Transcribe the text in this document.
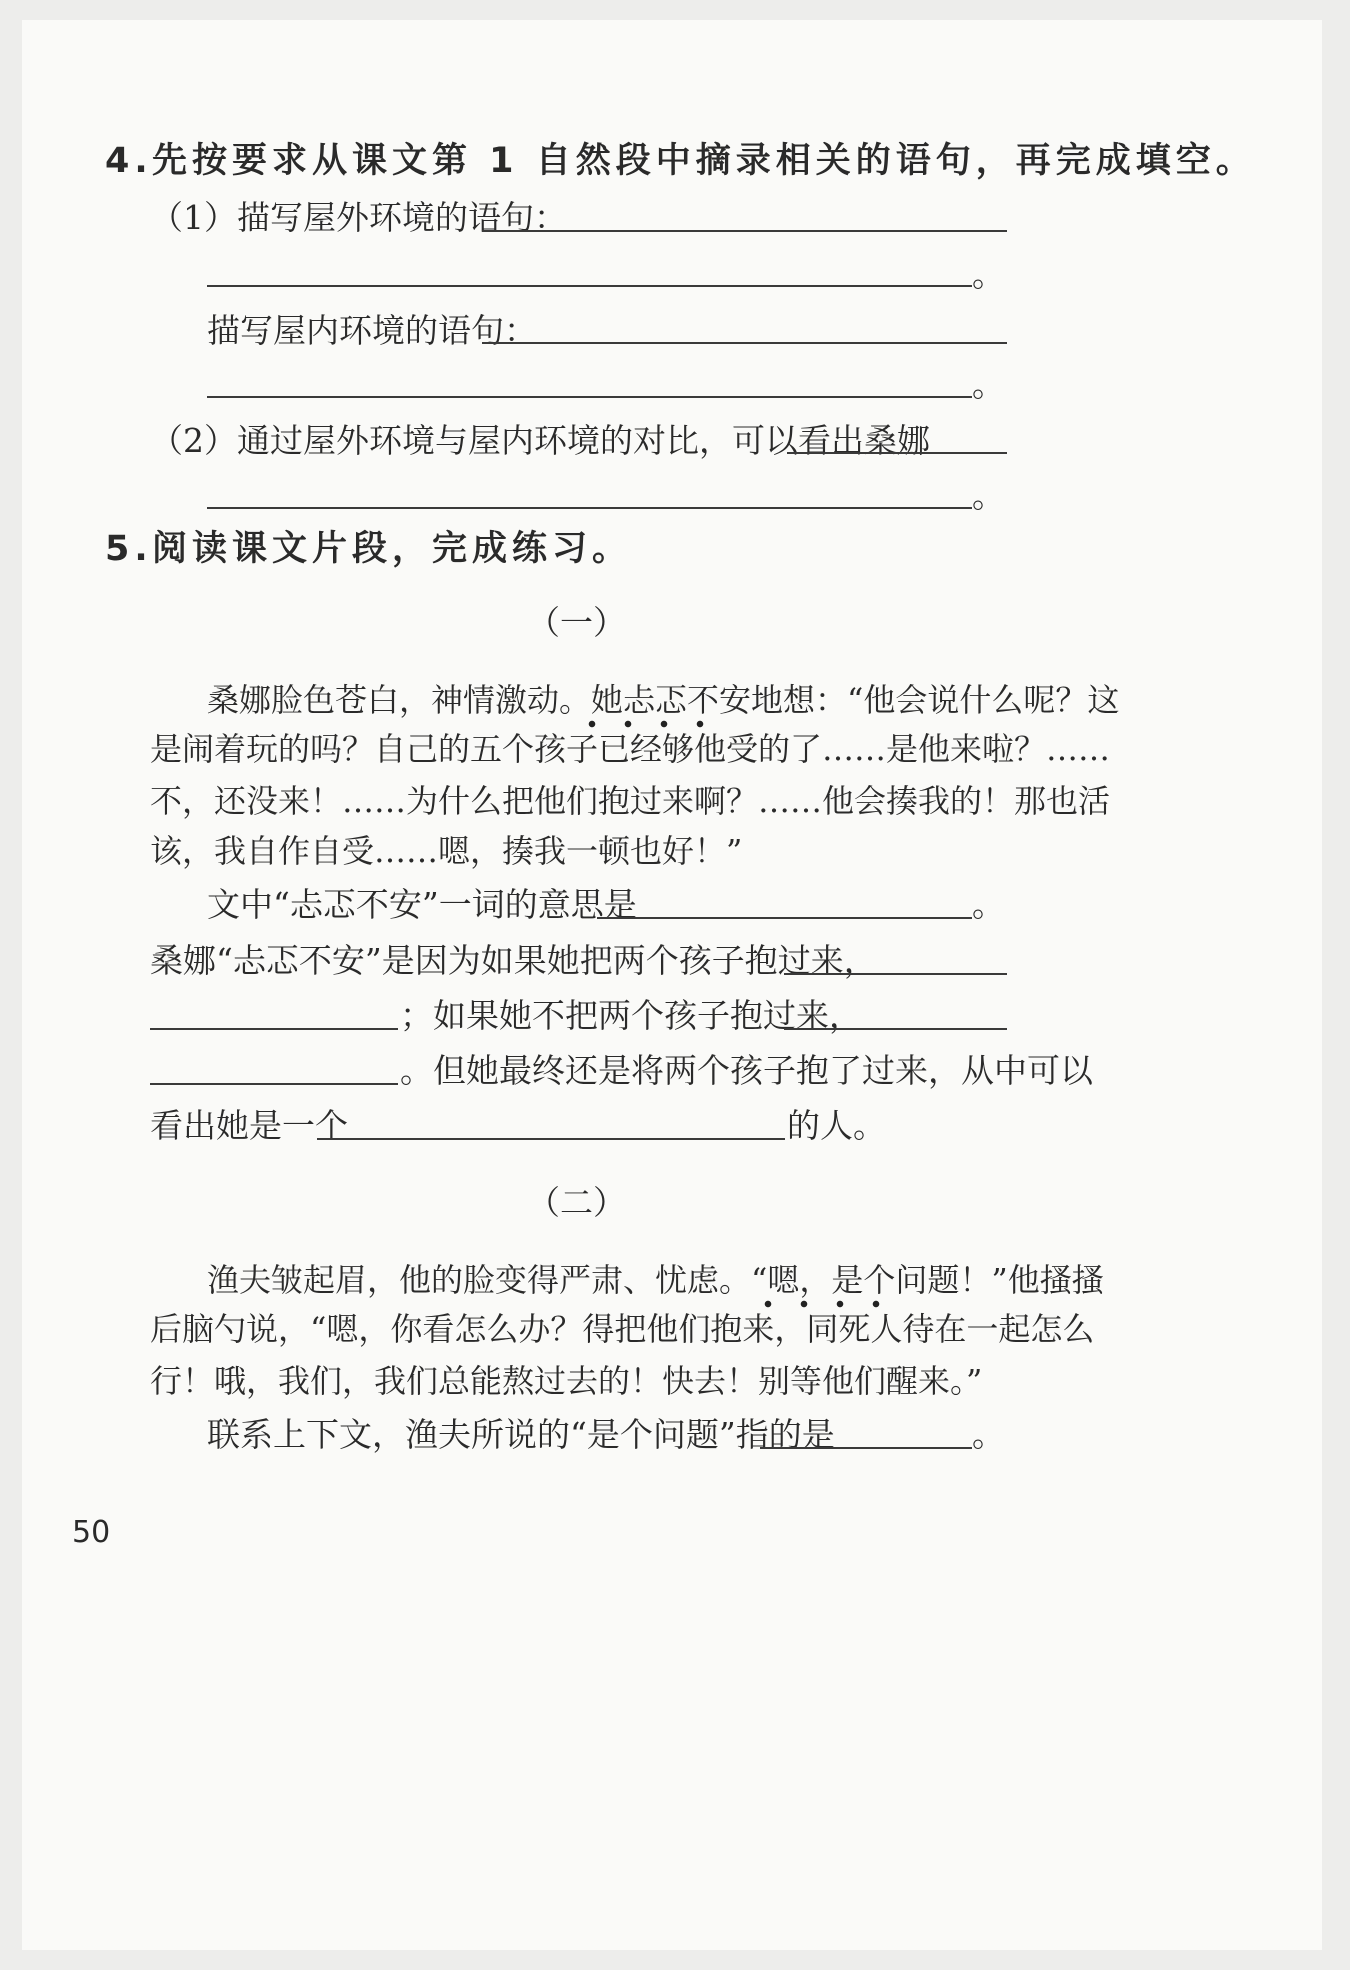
4. 先按要求从课文第 1 自然段中摘录相关的语句，再完成填空。
（1）描写屋外环境的语句：
。
描写屋内环境的语句：
。
（2）通过屋外环境与屋内环境的对比，可以看出桑娜
。
5. 阅读课文片段，完成练习。
（一）
桑娜脸色苍白，神情激动。她忐忑不安地想：“他会说什么呢？这
是闹着玩的吗？自己的五个孩子已经够他受的了……是他来啦？……
不，还没来！……为什么把他们抱过来啊？……他会揍我的！那也活
该，我自作自受……嗯，揍我一顿也好！”
文中“忐忑不安”一词的意思是	。
桑娜“忐忑不安”是因为如果她把两个孩子抱过来，
；如果她不把两个孩子抱过来，
。但她最终还是将两个孩子抱了过来，从中可以
看出她是一个	的人。
（二）
渔夫皱起眉，他的脸变得严肃、忧虑。“嗯，是个问题！”他搔搔
后脑勺说，“嗯，你看怎么办？得把他们抱来，同死人待在一起怎么
行！哦，我们，我们总能熬过去的！快去！别等他们醒来。”
联系上下文，渔夫所说的“是个问题”指的是	。
50
